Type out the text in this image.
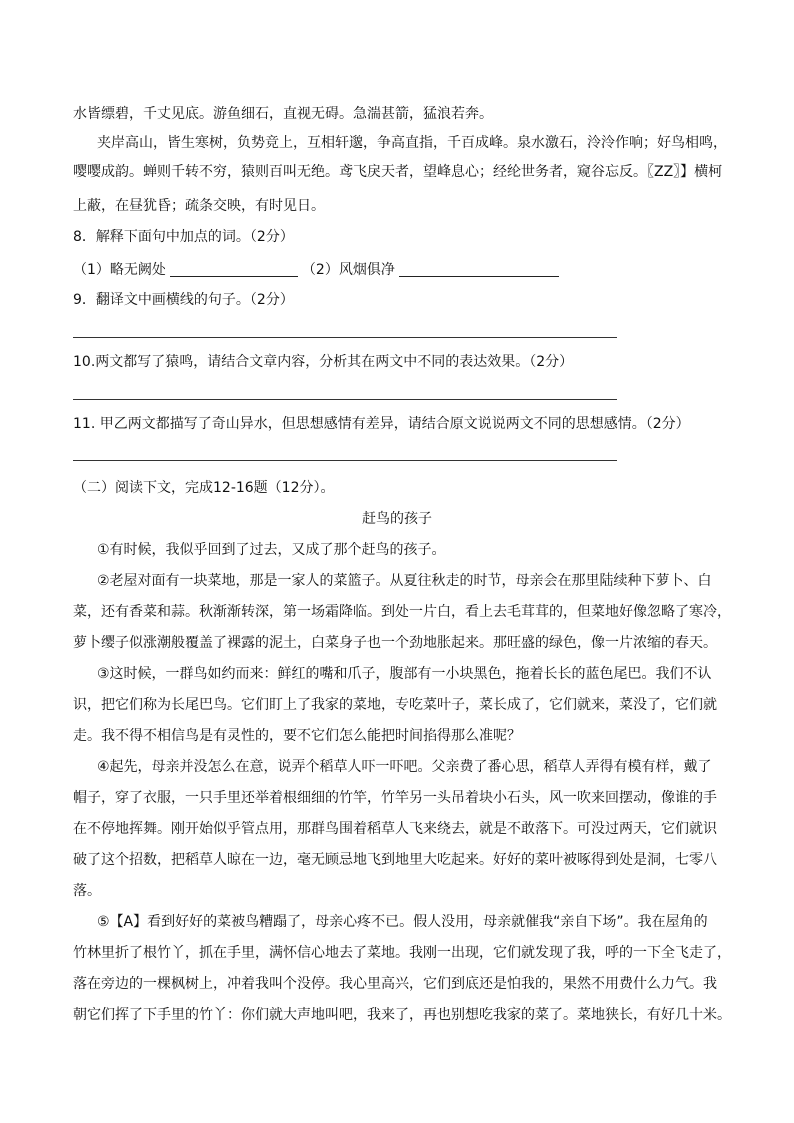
水皆缥碧，千丈见底。游鱼细石，直视无碍。急湍甚箭，猛浪若奔。
夹岸高山，皆生寒树，负势竞上，互相轩邈，争高直指，千百成峰。泉水激石，泠泠作响；好鸟相鸣，
嘤嘤成韵。蝉则千转不穷，猿则百叫无绝。鸢飞戾天者，望峰息心；经纶世务者，窥谷忘反。〖ZZ〗】横柯
上蔽，在昼犹昏；疏条交映，有时见日。
8．解释下面句中加点的词。（2分）
（1）略无阙处	（2）风烟俱净
9．翻译文中画横线的句子。（2分）
10.两文都写了猿鸣，请结合文章内容，分析其在两文中不同的表达效果。（2分）
11. 甲乙两文都描写了奇山异水，但思想感情有差异，请结合原文说说两文不同的思想感情。（2分）
（二）阅读下文，完成12-16题（12分）。
赶鸟的孩子
①有时候，我似乎回到了过去，又成了那个赶鸟的孩子。
②老屋对面有一块菜地，那是一家人的菜篮子。从夏往秋走的时节，母亲会在那里陆续种下萝卜、白
菜，还有香菜和蒜。秋渐渐转深，第一场霜降临。到处一片白，看上去毛茸茸的，但菜地好像忽略了寒冷，
萝卜缨子似涨潮般覆盖了裸露的泥土，白菜身子也一个劲地胀起来。那旺盛的绿色，像一片浓缩的春天。
③这时候，一群鸟如约而来：鲜红的嘴和爪子，腹部有一小块黑色，拖着长长的蓝色尾巴。我们不认
识，把它们称为长尾巴鸟。它们盯上了我家的菜地，专吃菜叶子，菜长成了，它们就来，菜没了，它们就
走。我不得不相信鸟是有灵性的，要不它们怎么能把时间掐得那么准呢？
④起先，母亲并没怎么在意，说弄个稻草人吓一吓吧。父亲费了番心思，稻草人弄得有模有样，戴了
帽子，穿了衣服，一只手里还举着根细细的竹竿，竹竿另一头吊着块小石头，风一吹来回摆动，像谁的手
在不停地挥舞。刚开始似乎管点用，那群鸟围着稻草人飞来绕去，就是不敢落下。可没过两天，它们就识
破了这个招数，把稻草人晾在一边，毫无顾忌地飞到地里大吃起来。好好的菜叶被啄得到处是洞，七零八
落。
⑤【A】看到好好的菜被鸟糟蹋了，母亲心疼不已。假人没用，母亲就催我“亲自下场”。我在屋角的
竹林里折了根竹丫，抓在手里，满怀信心地去了菜地。我刚一出现，它们就发现了我，呼的一下全飞走了，
落在旁边的一棵枫树上，冲着我叫个没停。我心里高兴，它们到底还是怕我的，果然不用费什么力气。我
朝它们挥了下手里的竹丫：你们就大声地叫吧，我来了，再也别想吃我家的菜了。菜地狭长，有好几十米。
